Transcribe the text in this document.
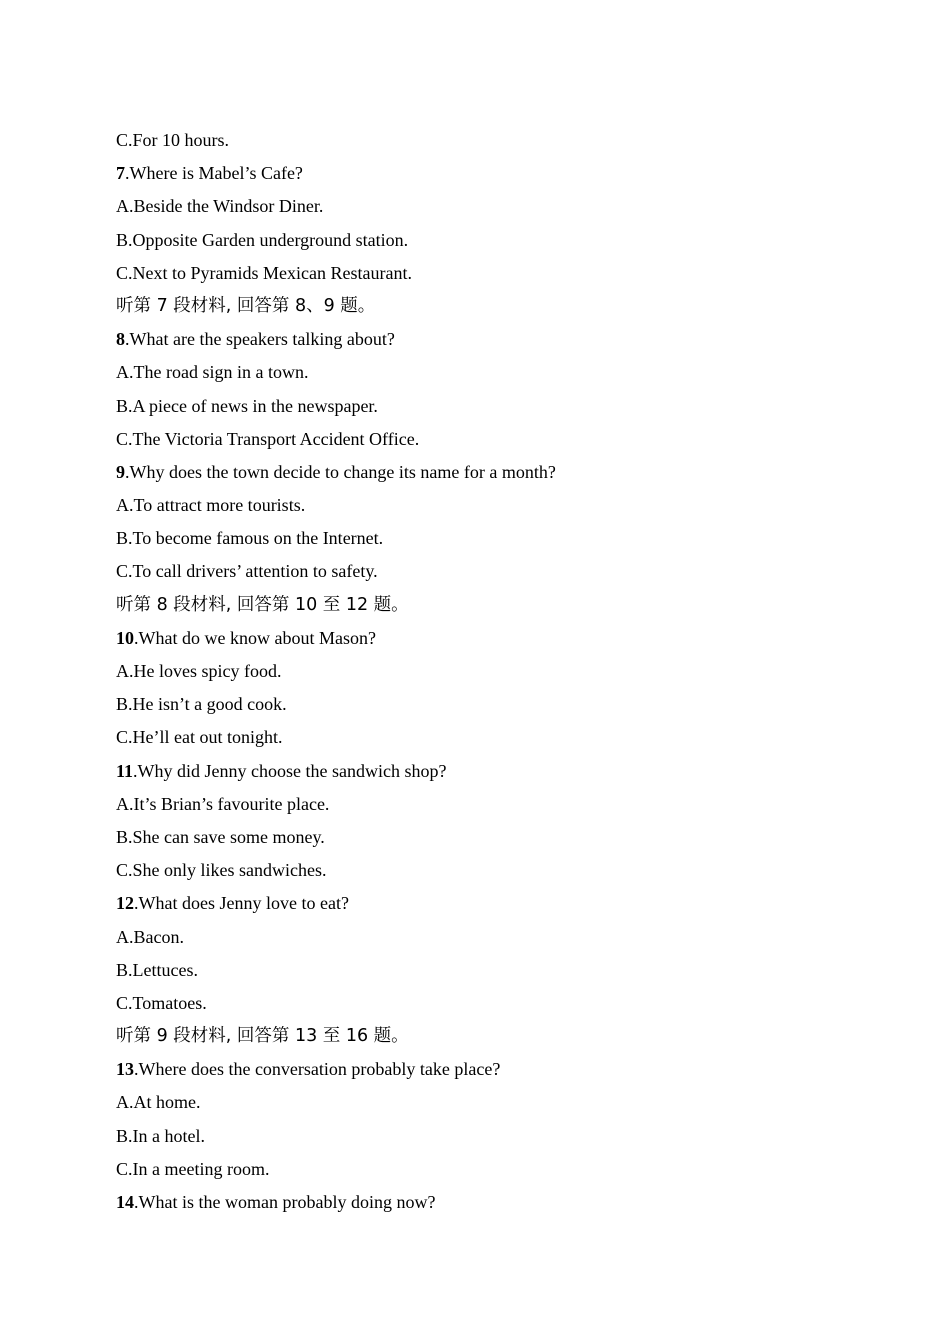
C.For 10 hours.
7.Where is Mabel’s Cafe?
A.Beside the Windsor Diner.
B.Opposite Garden underground station.
C.Next to Pyramids Mexican Restaurant.
听第 7 段材料, 回答第 8、9 题。
8.What are the speakers talking about?
A.The road sign in a town.
B.A piece of news in the newspaper.
C.The Victoria Transport Accident Office.
9.Why does the town decide to change its name for a month?
A.To attract more tourists.
B.To become famous on the Internet.
C.To call drivers’ attention to safety.
听第 8 段材料, 回答第 10 至 12 题。
10.What do we know about Mason?
A.He loves spicy food.
B.He isn’t a good cook.
C.He’ll eat out tonight.
11.Why did Jenny choose the sandwich shop?
A.It’s Brian’s favourite place.
B.She can save some money.
C.She only likes sandwiches.
12.What does Jenny love to eat?
A.Bacon.
B.Lettuces.
C.Tomatoes.
听第 9 段材料, 回答第 13 至 16 题。
13.Where does the conversation probably take place?
A.At home.
B.In a hotel.
C.In a meeting room.
14.What is the woman probably doing now?
